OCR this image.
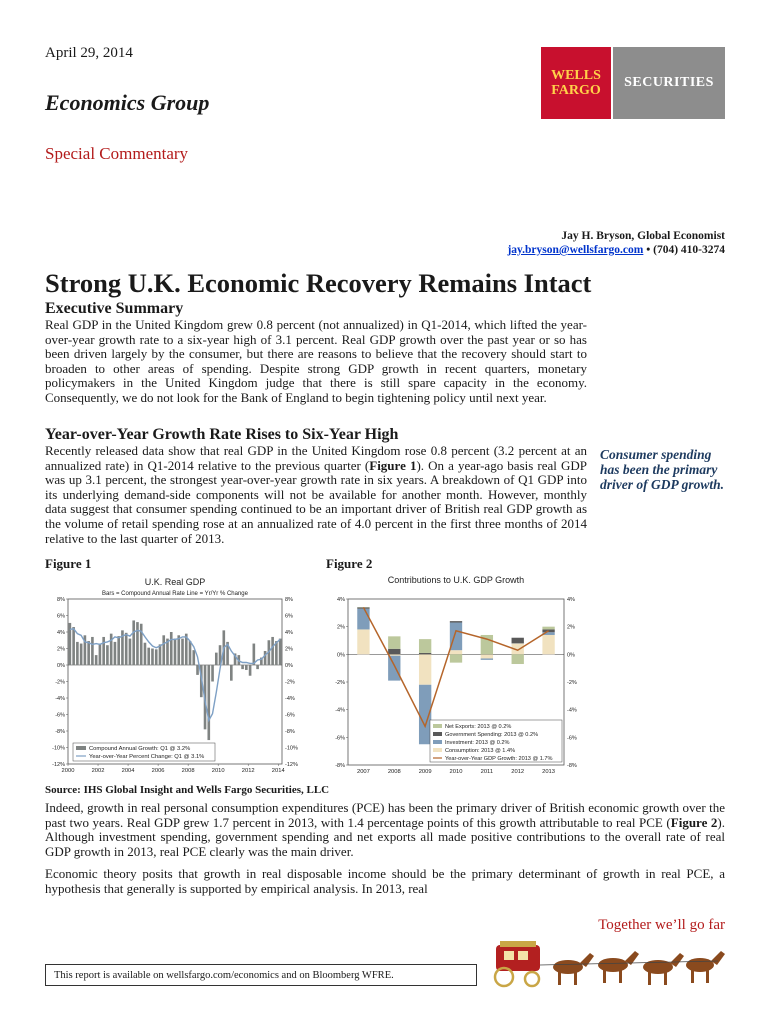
April 29, 2014
Economics Group
Special Commentary
WELLS FARGO
SECURITIES
Jay H. Bryson, Global Economist
jay.bryson@wellsfargo.com • (704) 410-3274
Strong U.K. Economic Recovery Remains Intact
Executive Summary

Real GDP in the United Kingdom grew 0.8 percent (not annualized) in Q1-2014, which lifted the year-over-year growth rate to a six-year high of 3.1 percent. Real GDP growth over the past year or so has been driven largely by the consumer, but there are reasons to believe that the recovery should start to broaden to other areas of spending. Despite strong GDP growth in recent quarters, monetary policymakers in the United Kingdom judge that there is still spare capacity in the economy. Consequently, we do not look for the Bank of England to begin tightening policy until next year.

Year-over-Year Growth Rate Rises to Six-Year High

Recently released data show that real GDP in the United Kingdom rose 0.8 percent (3.2 percent at an annualized rate) in Q1-2014 relative to the previous quarter (Figure 1). On a year-ago basis real GDP was up 3.1 percent, the strongest year-over-year growth rate in six years. A breakdown of Q1 GDP into its underlying demand-side components will not be available for another month. However, monthly data suggest that consumer spending continued to be an important driver of British real GDP growth as the volume of retail spending rose at an annualized rate of 4.0 percent in the first three months of 2014 relative to the last quarter of 2013.

Consumer spending has been the primary driver of GDP growth.
Figure 1	Figure 2
U.K. Real GDP
Bars = Compound Annual Rate Line = Yr/Yr % Change
8%	8%
6%	6%
4%	4%
2%	2%
0%	0%
-2%	-2%
-4%	-4%
-6%	-6%
-8%	-8%
-10%	-10%
-12%	-12%
2000	2002	2004	2006	2008	2010	2012	2014
Compound Annual Growth: Q1 @ 3.2%
Year-over-Year Percent Change: Q1 @ 3.1%
Contributions to U.K. GDP Growth
4%	4%
2%	2%
0%	0%
-2%	-2%
-4%	-4%
-6%	-6%
-8%	-8%
2007	2008	2009	2010	2011	2012	2013
Net Exports: 2013 @ 0.2%
Government Spending: 2013 @ 0.2%
Investment: 2013 @ 0.2%
Consumption: 2013 @ 1.4%
Year-over-Year GDP Growth: 2013 @ 1.7%
Source: IHS Global Insight and Wells Fargo Securities, LLC

Indeed, growth in real personal consumption expenditures (PCE) has been the primary driver of British economic growth over the past two years. Real GDP grew 1.7 percent in 2013, with 1.4 percentage points of this growth attributable to real PCE (Figure 2). Although investment spending, government spending and net exports all made positive contributions to the overall rate of real GDP growth in 2013, real PCE clearly was the main driver.

Economic theory posits that growth in real disposable income should be the primary determinant of growth in real PCE, a hypothesis that generally is supported by empirical analysis. In 2013, real

Together we’ll go far
This report is available on wellsfargo.com/economics and on Bloomberg WFRE.
